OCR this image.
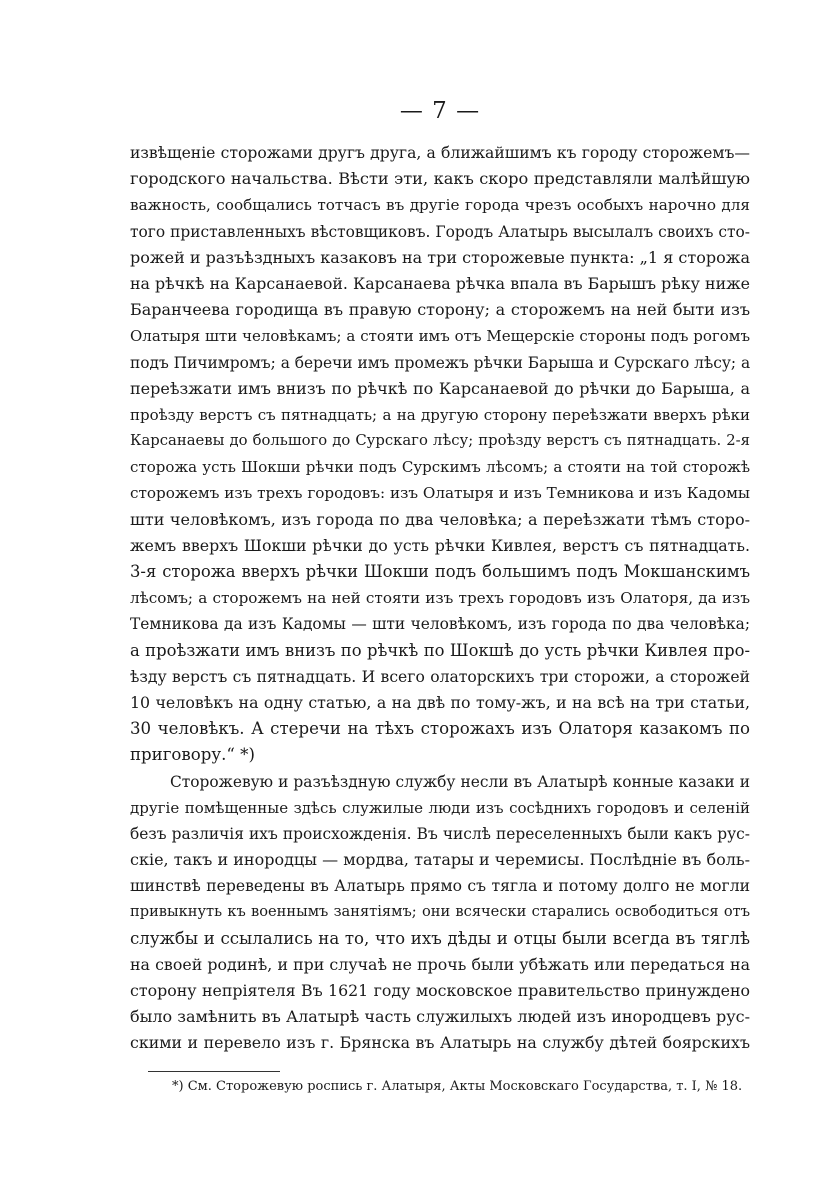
— 7 —

извѣщеніе сторожами другъ друга, а ближайшимъ къ городу сторожемъ—
городского начальства. Вѣсти эти, какъ скоро представляли малѣйшую
важность, сообщались тотчасъ въ другіе города чрезъ особыхъ нарочно для
того приставленныхъ вѣстовщиковъ. Городъ Алатырь высылалъ своихъ сто-
рожей и разъѣздныхъ казаковъ на три сторожевые пункта: „1 я сторожа
на рѣчкѣ на Карсанаевой. Карсанаева рѣчка впала въ Барышъ рѣку ниже
Баранчеева городища въ правую сторону; а сторожемъ на ней быти изъ
Олатыря шти человѣкамъ; а стояти имъ отъ Мещерскіе стороны подъ рогомъ
подъ Пичимромъ; а беречи имъ промежъ рѣчки Барыша и Сурскаго лѣсу; а
переѣзжати имъ внизъ по рѣчкѣ по Карсанаевой до рѣчки до Барыша, а
проѣзду верстъ съ пятнадцать; а на другую сторону переѣзжати вверхъ рѣки
Карсанаевы до большого до Сурскаго лѣсу; проѣзду верстъ съ пятнадцать. 2-я
сторожа усть Шокши рѣчки подъ Сурскимъ лѣсомъ; а стояти на той сторожѣ
сторожемъ изъ трехъ городовъ: изъ Олатыря и изъ Темникова и изъ Кадомы
шти человѣкомъ, изъ города по два человѣка; а переѣзжати тѣмъ сторо-
жемъ вверхъ Шокши рѣчки до усть рѣчки Кивлея, верстъ съ пятнадцать.
3-я сторожа вверхъ рѣчки Шокши подъ большимъ подъ Мокшанскимъ
лѣсомъ; а сторожемъ на ней стояти изъ трехъ городовъ изъ Олаторя, да изъ
Темникова да изъ Кадомы — шти человѣкомъ, изъ города по два человѣка;
а проѣзжати имъ внизъ по рѣчкѣ по Шокшѣ до усть рѣчки Кивлея про-
ѣзду верстъ съ пятнадцать. И всего олаторскихъ три сторожи, а сторожей
10 человѣкъ на одну статью, а на двѣ по тому-жъ, и на всѣ на три статьи,
30 человѣкъ. А стеречи на тѣхъ сторожахъ изъ Олаторя казакомъ по
приговору.“ *)
Сторожевую и разъѣздную службу несли въ Алатырѣ конные казаки и
другіе помѣщенные здѣсь служилые люди изъ сосѣднихъ городовъ и селеній
безъ различія ихъ происхожденія. Въ числѣ переселенныхъ были какъ рус-
скіе, такъ и инородцы — мордва, татары и черемисы. Послѣдніе въ боль-
шинствѣ переведены въ Алатырь прямо съ тягла и потому долго не могли
привыкнуть къ военнымъ занятіямъ; они всячески старались освободиться отъ
службы и ссылались на то, что ихъ дѣды и отцы были всегда въ тяглѣ
на своей родинѣ, и при случаѣ не прочь были убѣжать или передаться на
сторону непріятеля Въ 1621 году московское правительство принуждено
было замѣнить въ Алатырѣ часть служилыхъ людей изъ инородцевъ рус-
скими и перевело изъ г. Брянска въ Алатырь на службу дѣтей боярскихъ

*) См. Сторожевую роспись г. Алатыря, Акты Московскаго Государства, т. I, № 18.
